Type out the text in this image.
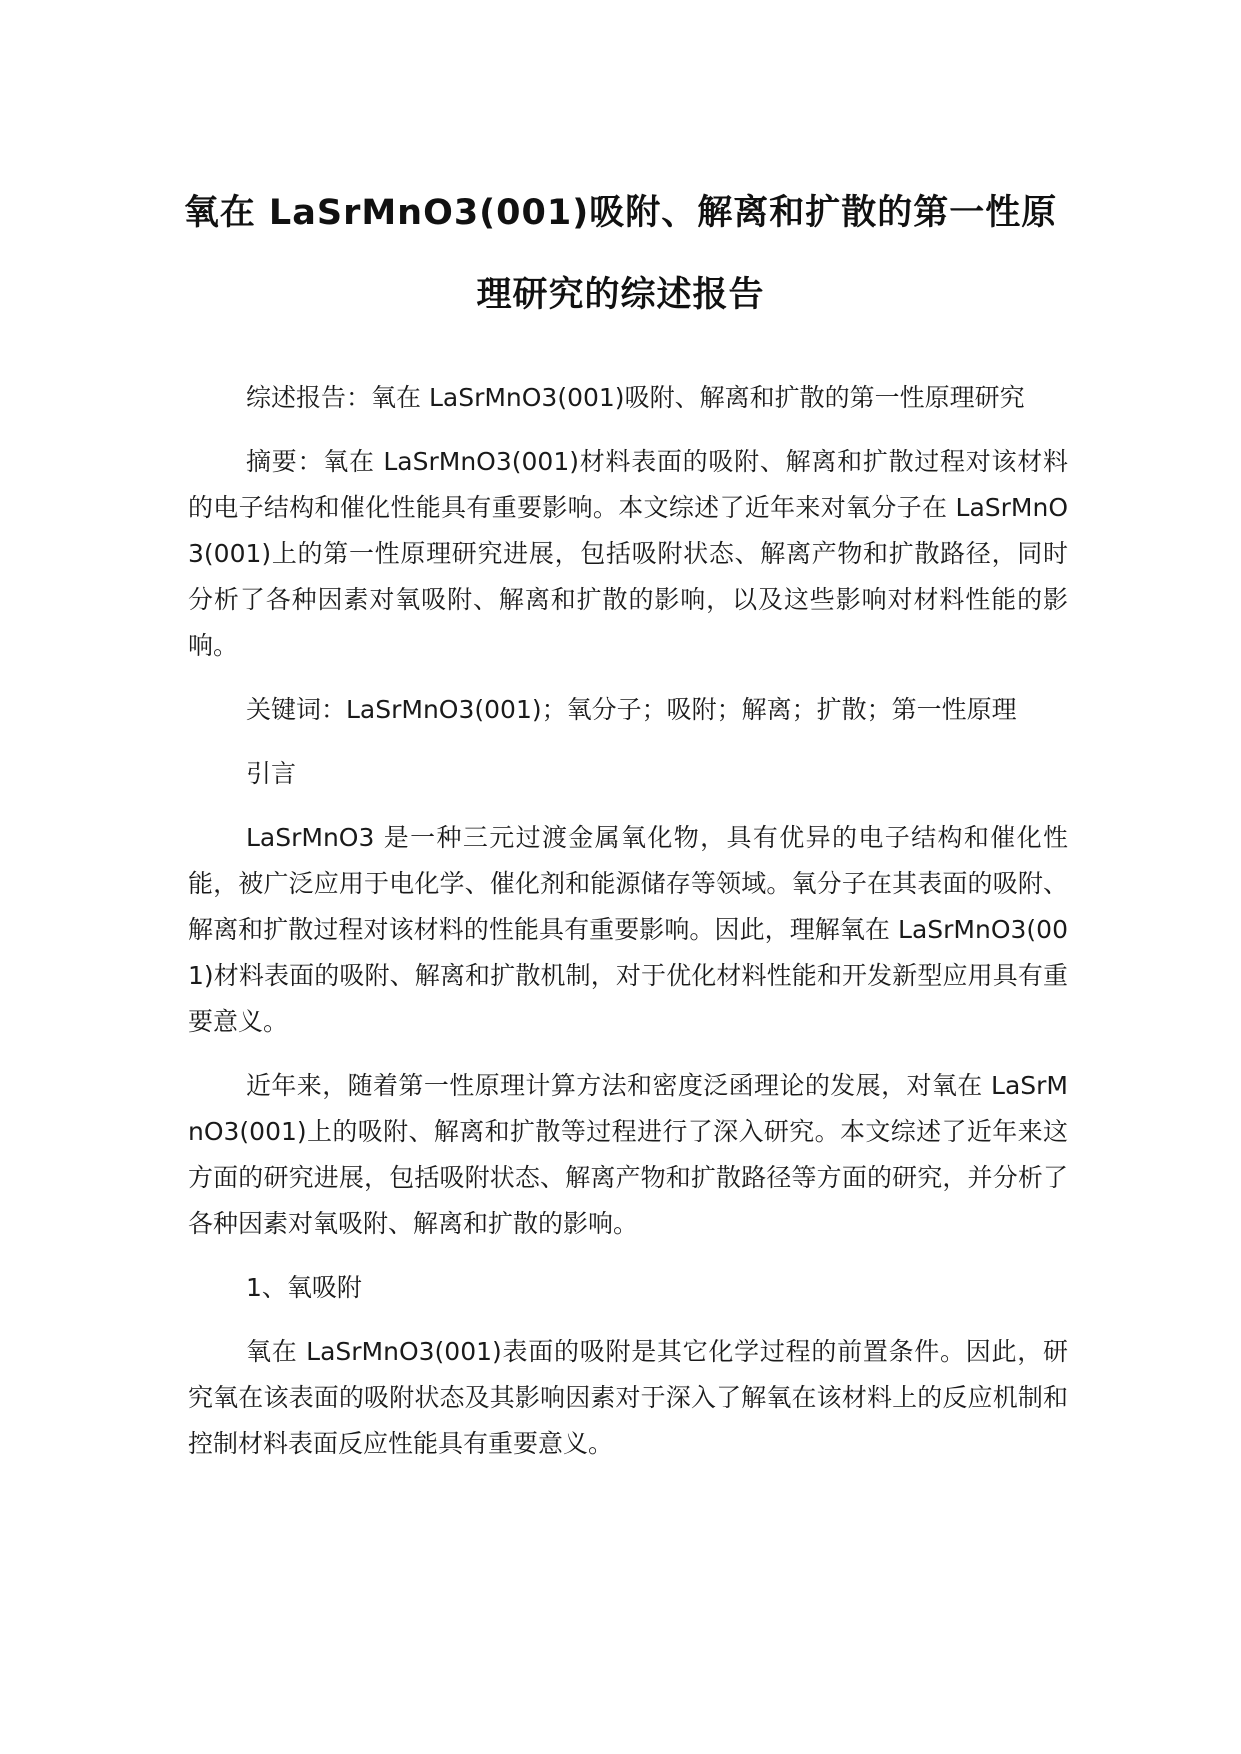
氧在 LaSrMnO3(001)吸附、解离和扩散的第一性原
理研究的综述报告

综述报告：氧在 LaSrMnO3(001)吸附、解离和扩散的第一性原理研究

摘要：氧在 LaSrMnO3(001)材料表面的吸附、解离和扩散过程对该材料的电子结构和催化性能具有重要影响。本文综述了近年来对氧分子在 LaSrMnO3(001)上的第一性原理研究进展，包括吸附状态、解离产物和扩散路径，同时分析了各种因素对氧吸附、解离和扩散的影响，以及这些影响对材料性能的影响。

关键词：LaSrMnO3(001)；氧分子；吸附；解离；扩散；第一性原理

引言

LaSrMnO3 是一种三元过渡金属氧化物，具有优异的电子结构和催化性能，被广泛应用于电化学、催化剂和能源储存等领域。氧分子在其表面的吸附、解离和扩散过程对该材料的性能具有重要影响。因此，理解氧在 LaSrMnO3(001)材料表面的吸附、解离和扩散机制，对于优化材料性能和开发新型应用具有重要意义。

近年来，随着第一性原理计算方法和密度泛函理论的发展，对氧在 LaSrMnO3(001)上的吸附、解离和扩散等过程进行了深入研究。本文综述了近年来这方面的研究进展，包括吸附状态、解离产物和扩散路径等方面的研究，并分析了各种因素对氧吸附、解离和扩散的影响。

1、氧吸附

氧在 LaSrMnO3(001)表面的吸附是其它化学过程的前置条件。因此，研究氧在该表面的吸附状态及其影响因素对于深入了解氧在该材料上的反应机制和控制材料表面反应性能具有重要意义。
